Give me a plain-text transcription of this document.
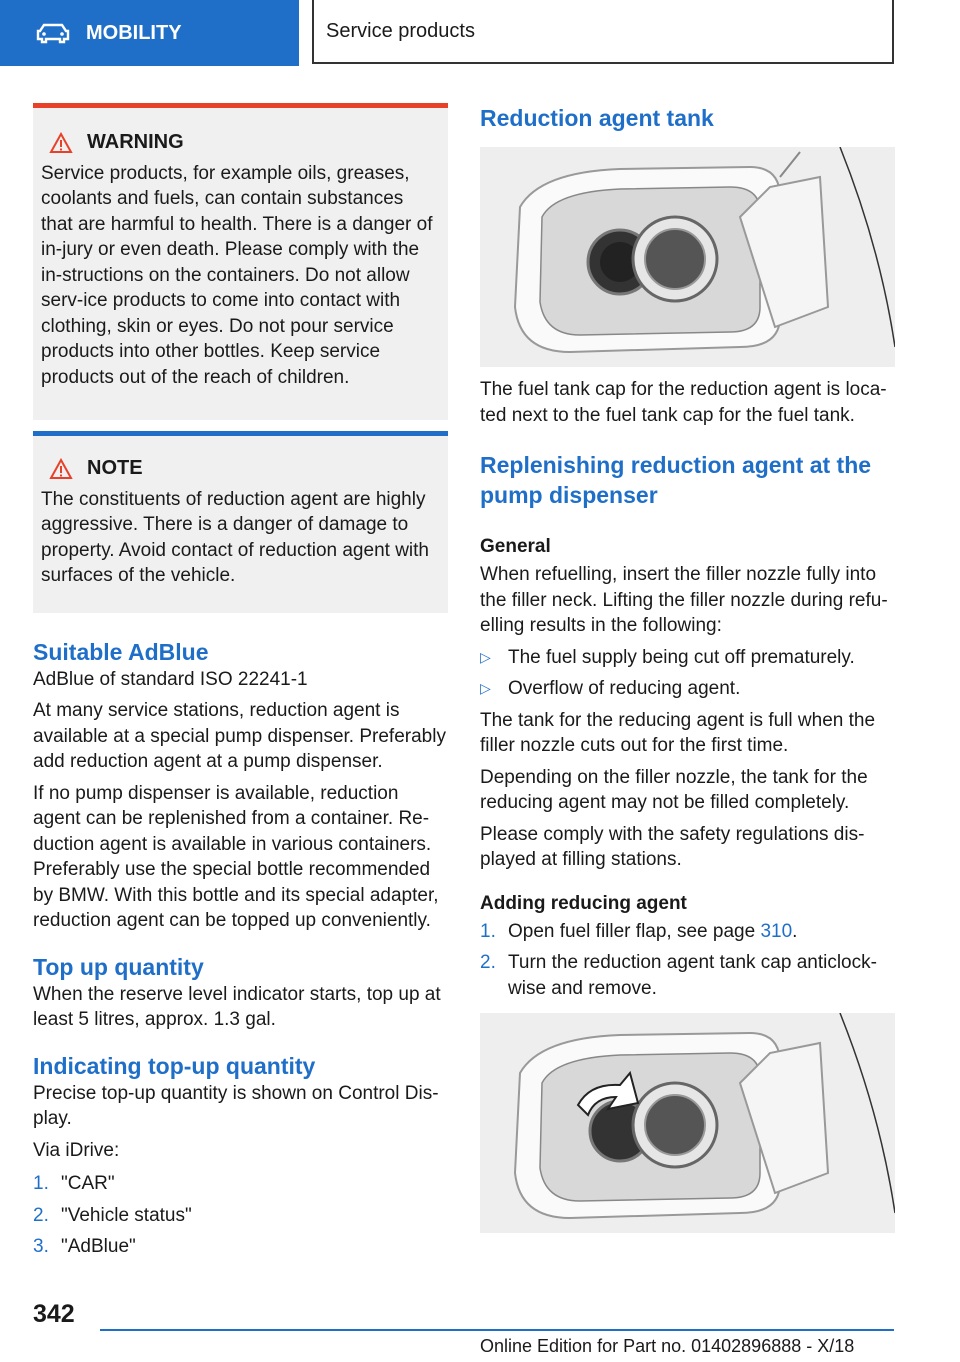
MOBILITY	Service products
WARNING

Service products, for example oils, greases, coolants and fuels, can contain substances that are harmful to health. There is a danger of in-jury or even death. Please comply with the in-structions on the containers. Do not allow serv-ice products to come into contact with clothing, skin or eyes. Do not pour service products into other bottles. Keep service products out of the reach of children.

NOTE

The constituents of reduction agent are highly aggressive. There is a danger of damage to property. Avoid contact of reduction agent with surfaces of the vehicle.

Suitable AdBlue

AdBlue of standard ISO 22241-1

At many service stations, reduction agent is available at a special pump dispenser. Preferably add reduction agent at a pump dispenser.

If no pump dispenser is available, reduction agent can be replenished from a container. Re-duction agent is available in various containers. Preferably use the special bottle recommended by BMW. With this bottle and its special adapter, reduction agent can be topped up conveniently.

Top up quantity

When the reserve level indicator starts, top up at least 5 litres, approx. 1.3 gal.

Indicating top-up quantity

Precise top-up quantity is shown on Control Dis-play.

Via iDrive:

1. "CAR"
2. "Vehicle status"
3. "AdBlue"
Reduction agent tank

The fuel tank cap for the reduction agent is loca-ted next to the fuel tank cap for the fuel tank.

Replenishing reduction agent at the pump dispenser
General

When refuelling, insert the filler nozzle fully into the filler neck. Lifting the filler nozzle during refu-elling results in the following:

▷ The fuel supply being cut off prematurely.
▷ Overflow of reducing agent.

The tank for the reducing agent is full when the filler nozzle cuts out for the first time.

Depending on the filler nozzle, the tank for the reducing agent may not be filled completely.

Please comply with the safety regulations dis-played at filling stations.

Adding reducing agent
1. Open fuel filler flap, see page 310.
2. Turn the reduction agent tank cap anticlock-wise and remove.
342
Online Edition for Part no. 01402896888 - X/18
